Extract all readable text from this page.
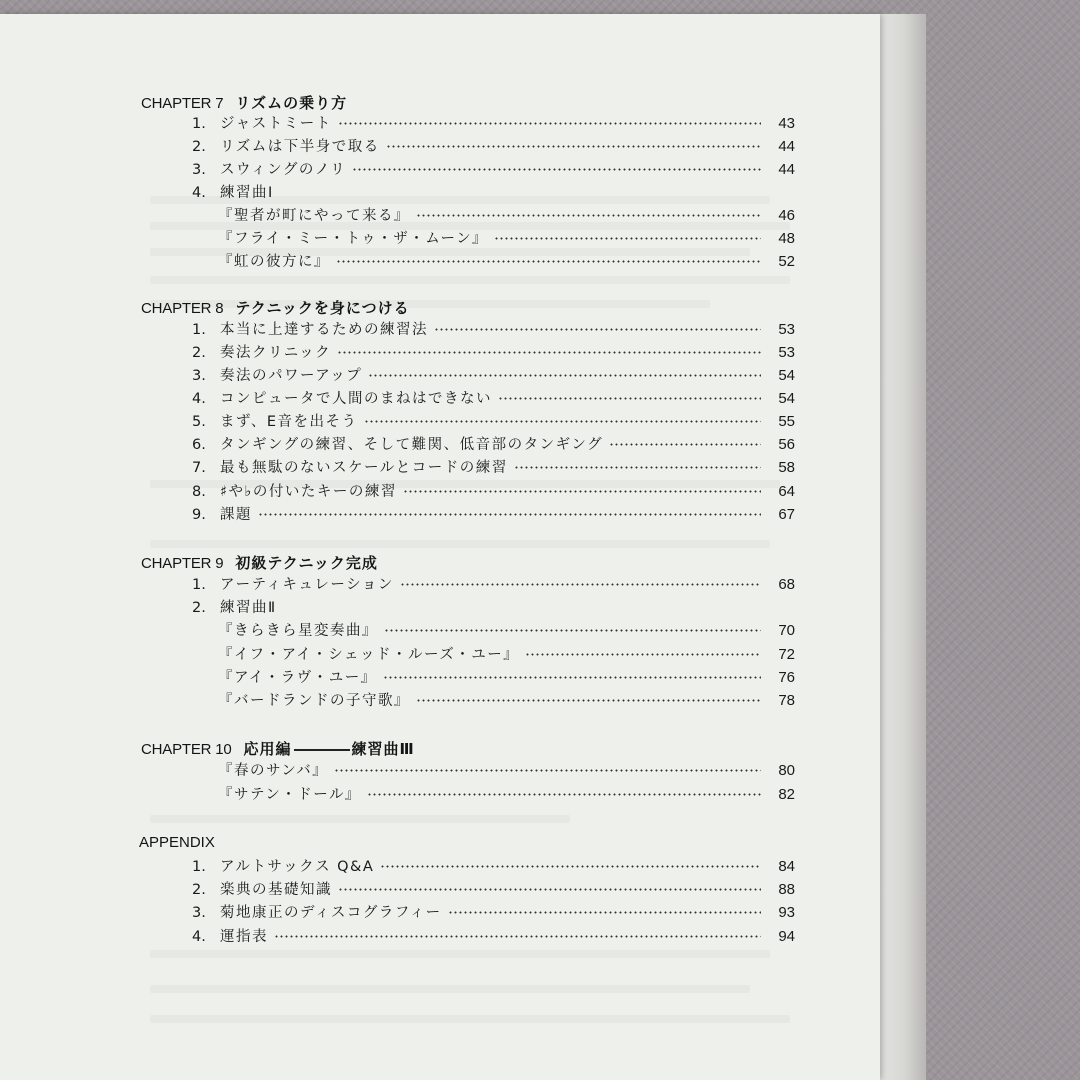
CHAPTER 7 リズムの乗り方
1. ジャストミート	43
2. リズムは下半身で取る	44
3. スウィングのノリ	44
4. 練習曲Ⅰ
『聖者が町にやって来る』	46
『フライ・ミー・トゥ・ザ・ムーン』	48
『虹の彼方に』	52
CHAPTER 8 テクニックを身につける
1. 本当に上達するための練習法	53
2. 奏法クリニック	53
3. 奏法のパワーアップ	54
4. コンピュータで人間のまねはできない	54
5. まず、E音を出そう	55
6. タンギングの練習、そして難関、低音部のタンギング	56
7. 最も無駄のないスケールとコードの練習	58
8. ♯や♭の付いたキーの練習	64
9. 課題	67
CHAPTER 9 初級テクニック完成
1. アーティキュレーション	68
2. 練習曲Ⅱ
『きらきら星変奏曲』	70
『イフ・アイ・シェッド・ルーズ・ユー』	72
『アイ・ラヴ・ユー』	76
『バードランドの子守歌』	78
CHAPTER 10 応用編	練習曲Ⅲ
『春のサンバ』	80
『サテン・ドール』	82
APPENDIX
1. アルトサックス Q&A	84
2. 楽典の基礎知識	88
3. 菊地康正のディスコグラフィー	93
4. 運指表	94
